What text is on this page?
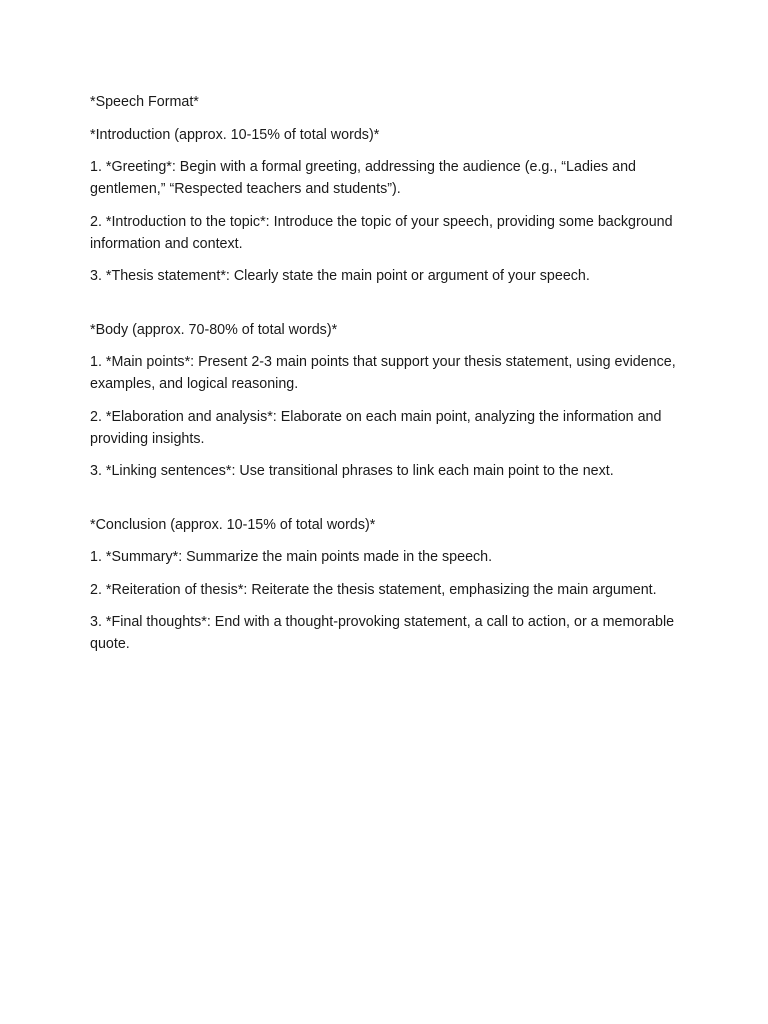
*Speech Format*

*Introduction (approx. 10-15% of total words)*

1. *Greeting*: Begin with a formal greeting, addressing the audience (e.g., “Ladies and gentlemen,” “Respected teachers and students”).

2. *Introduction to the topic*: Introduce the topic of your speech, providing some background information and context.

3. *Thesis statement*: Clearly state the main point or argument of your speech.

*Body (approx. 70-80% of total words)*

1. *Main points*: Present 2-3 main points that support your thesis statement, using evidence, examples, and logical reasoning.

2. *Elaboration and analysis*: Elaborate on each main point, analyzing the information and providing insights.

3. *Linking sentences*: Use transitional phrases to link each main point to the next.

*Conclusion (approx. 10-15% of total words)*

1. *Summary*: Summarize the main points made in the speech.

2. *Reiteration of thesis*: Reiterate the thesis statement, emphasizing the main argument.

3. *Final thoughts*: End with a thought-provoking statement, a call to action, or a memorable quote.
